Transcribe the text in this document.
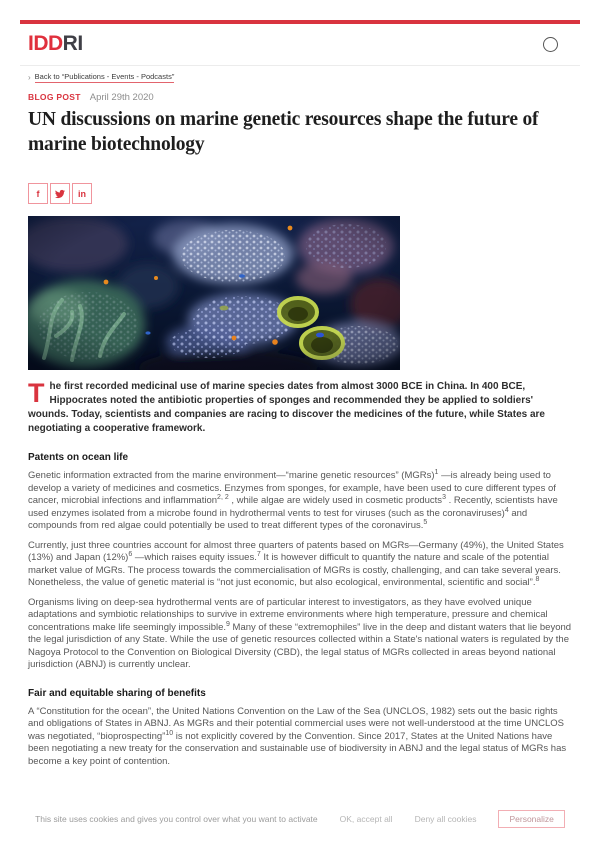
IDDRI
› Back to “Publications - Events - Podcasts”
BLOG POST April 29th 2020
UN discussions on marine genetic resources shape the future of marine biotechnology
f	in

The first recorded medicinal use of marine species dates from almost 3000 BCE in China. In 400 BCE, Hippocrates noted the antibiotic properties of sponges and recommended they be applied to soldiers' wounds. Today, scientists and companies are racing to discover the medicines of the future, while States are negotiating a cooperative framework.

Patents on ocean life

Genetic information extracted from the marine environment—“marine genetic resources” (MGRs)$^1$ —is already being used to develop a variety of medicines and cosmetics. Enzymes from sponges, for example, have been used to cure different types of cancer, microbial infections and inflammation$^{2, 2}$ , while algae are widely used in cosmetic products$^3$ . Recently, scientists have used enzymes isolated from a microbe found in hydrothermal vents to test for viruses (such as the coronaviruses)$^4$ and compounds from red algae could potentially be used to treat different types of the coronavirus.$^5$

Currently, just three countries account for almost three quarters of patents based on MGRs—Germany (49%), the United States (13%) and Japan $(12\%)^6$ —which raises equity issues.$^7$ It is however difficult to quantify the nature and scale of the potential market value of MGRs. The process towards the commercialisation of MGRs is costly, challenging, and can take several years. Nonetheless, the value of genetic material is “not just economic, but also ecological, environmental, scientific and social”.$^8$

Organisms living on deep-sea hydrothermal vents are of particular interest to investigators, as they have evolved unique adaptations and symbiotic relationships to survive in extreme environments where high temperature, pressure and chemical concentrations make life seemingly impossible.$^9$ Many of these “extremophiles” live in the deep and distant waters that lie beyond the legal jurisdiction of any State. While the use of genetic resources collected within a State's national waters is regulated by the Nagoya Protocol to the Convention on Biological Diversity (CBD), the legal status of MGRs collected in areas beyond national jurisdiction (ABNJ) is currently unclear.

Fair and equitable sharing of benefits

A “Constitution for the ocean”, the United Nations Convention on the Law of the Sea (UNCLOS, 1982) sets out the basic rights and obligations of States in ABNJ. As MGRs and their potential commercial uses were not well-understood at the time UNCLOS was negotiated, “bioprospecting”$^{10}$ is not explicitly covered by the Convention. Since 2017, States at the United Nations have been negotiating a new treaty for the conservation and sustainable use of biodiversity in ABNJ and the legal status of MGRs has become a key point of contention.

This site uses cookies and gives you control over what you want to activate	OK, accept all	Deny all cookies	Personalize
